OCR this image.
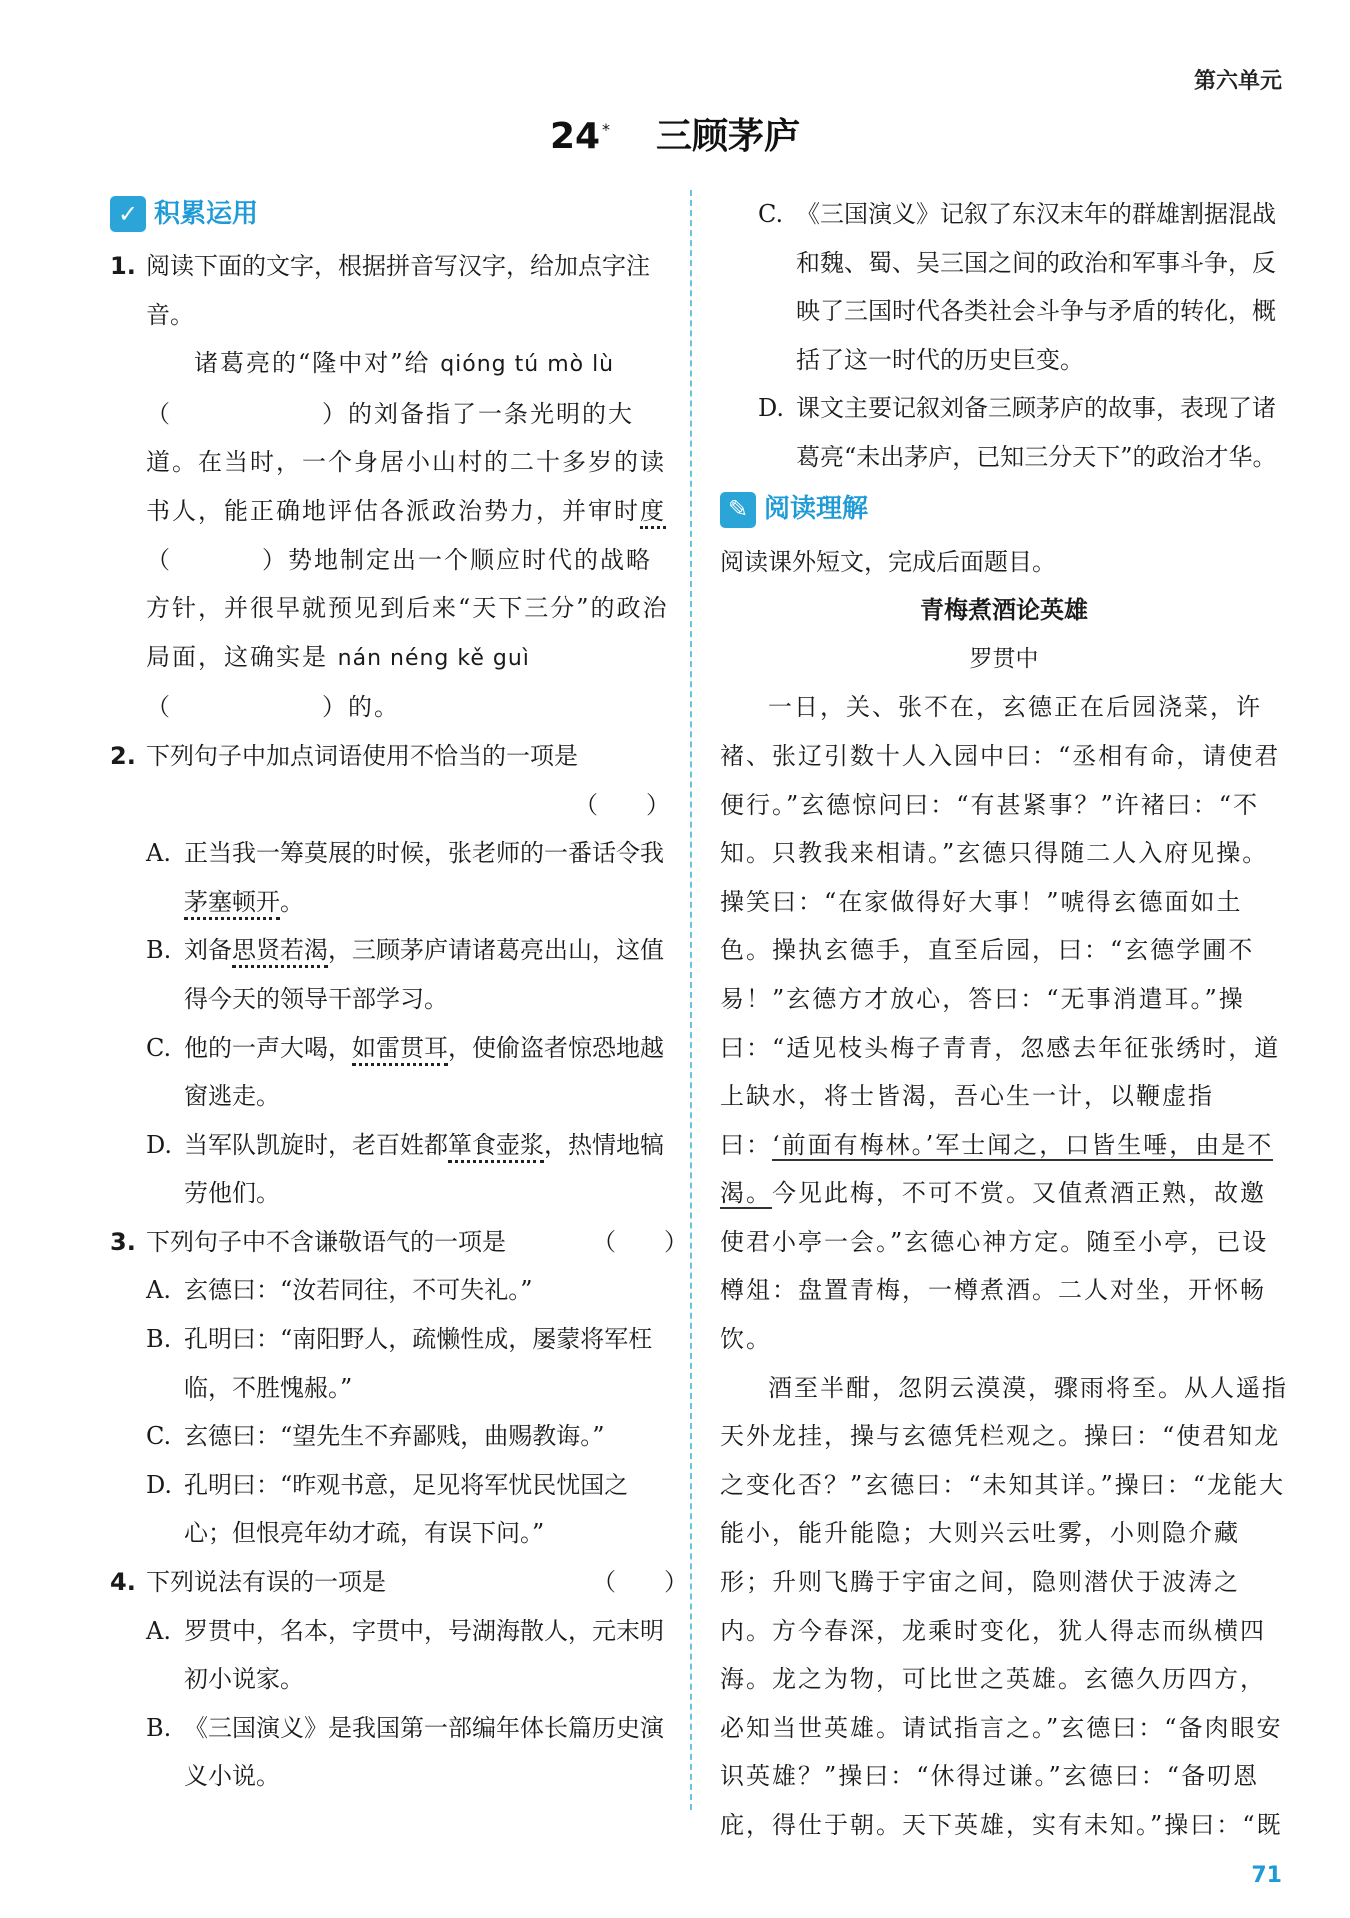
第六单元
24 * 三顾茅庐
✓ 积累运用
1. 阅读下面的文字，根据拼音写汉字，给加点字注音。
诸葛亮的“隆中对”给 qióng tú mò lù
（	）的刘备指了一条光明的大道。在当时，一个身居小山村的二十多岁的读书人，能正确地评估各派政治势力，并审时度（	）势地制定出一个顺应时代的战略方针，并很早就预见到后来“天下三分”的政治局面，这确实是 nán néng kě guì
（	）的。
2. 下列句子中加点词语使用不恰当的一项是
（　　）
A. 正当我一筹莫展的时候，张老师的一番话令我茅塞顿开。
B. 刘备思贤若渴，三顾茅庐请诸葛亮出山，这值得今天的领导干部学习。
C. 他的一声大喝，如雷贯耳，使偷盗者惊恐地越窗逃走。
D. 当军队凯旋时，老百姓都箪食壶浆，热情地犒劳他们。
3. 下列句子中不含谦敬语气的一项是	（　　）
A. 玄德曰：“汝若同往，不可失礼。”
B. 孔明曰：“南阳野人，疏懒性成，屡蒙将军枉临，不胜愧赧。”
C. 玄德曰：“望先生不弃鄙贱，曲赐教诲。”
D. 孔明曰：“昨观书意，足见将军忧民忧国之心；但恨亮年幼才疏，有误下问。”
4. 下列说法有误的一项是	（　　）
A. 罗贯中，名本，字贯中，号湖海散人，元末明初小说家。
B. 《三国演义》是我国第一部编年体长篇历史演义小说。
C. 《三国演义》记叙了东汉末年的群雄割据混战和魏、蜀、吴三国之间的政治和军事斗争，反映了三国时代各类社会斗争与矛盾的转化，概括了这一时代的历史巨变。
D. 课文主要记叙刘备三顾茅庐的故事，表现了诸葛亮“未出茅庐，已知三分天下”的政治才华。
✎ 阅读理解
阅读课外短文，完成后面题目。
青梅煮酒论英雄
罗贯中
一日，关、张不在，玄德正在后园浇菜，许褚、张辽引数十人入园中曰：“丞相有命，请使君便行。”玄德惊问曰：“有甚紧事？”许褚曰：“不知。只教我来相请。”玄德只得随二人入府见操。操笑曰：“在家做得好大事！”唬得玄德面如土色。操执玄德手，直至后园，曰：“玄德学圃不易！”玄德方才放心，答曰：“无事消遣耳。”操曰：“适见枝头梅子青青，忽感去年征张绣时，道上缺水，将士皆渴，吾心生一计，以鞭虚指曰：‘前面有梅林。’军士闻之，口皆生唾，由是不渴。今见此梅，不可不赏。又值煮酒正熟，故邀使君小亭一会。”玄德心神方定。随至小亭，已设樽俎：盘置青梅，一樽煮酒。二人对坐，开怀畅饮。
酒至半酣，忽阴云漠漠，骤雨将至。从人遥指天外龙挂，操与玄德凭栏观之。操曰：“使君知龙之变化否？”玄德曰：“未知其详。”操曰：“龙能大能小，能升能隐；大则兴云吐雾，小则隐介藏形；升则飞腾于宇宙之间，隐则潜伏于波涛之内。方今春深，龙乘时变化，犹人得志而纵横四海。龙之为物，可比世之英雄。玄德久历四方，必知当世英雄。请试指言之。”玄德曰：“备肉眼安识英雄？”操曰：“休得过谦。”玄德曰：“备叨恩庇，得仕于朝。天下英雄，实有未知。”操曰：“既
71
